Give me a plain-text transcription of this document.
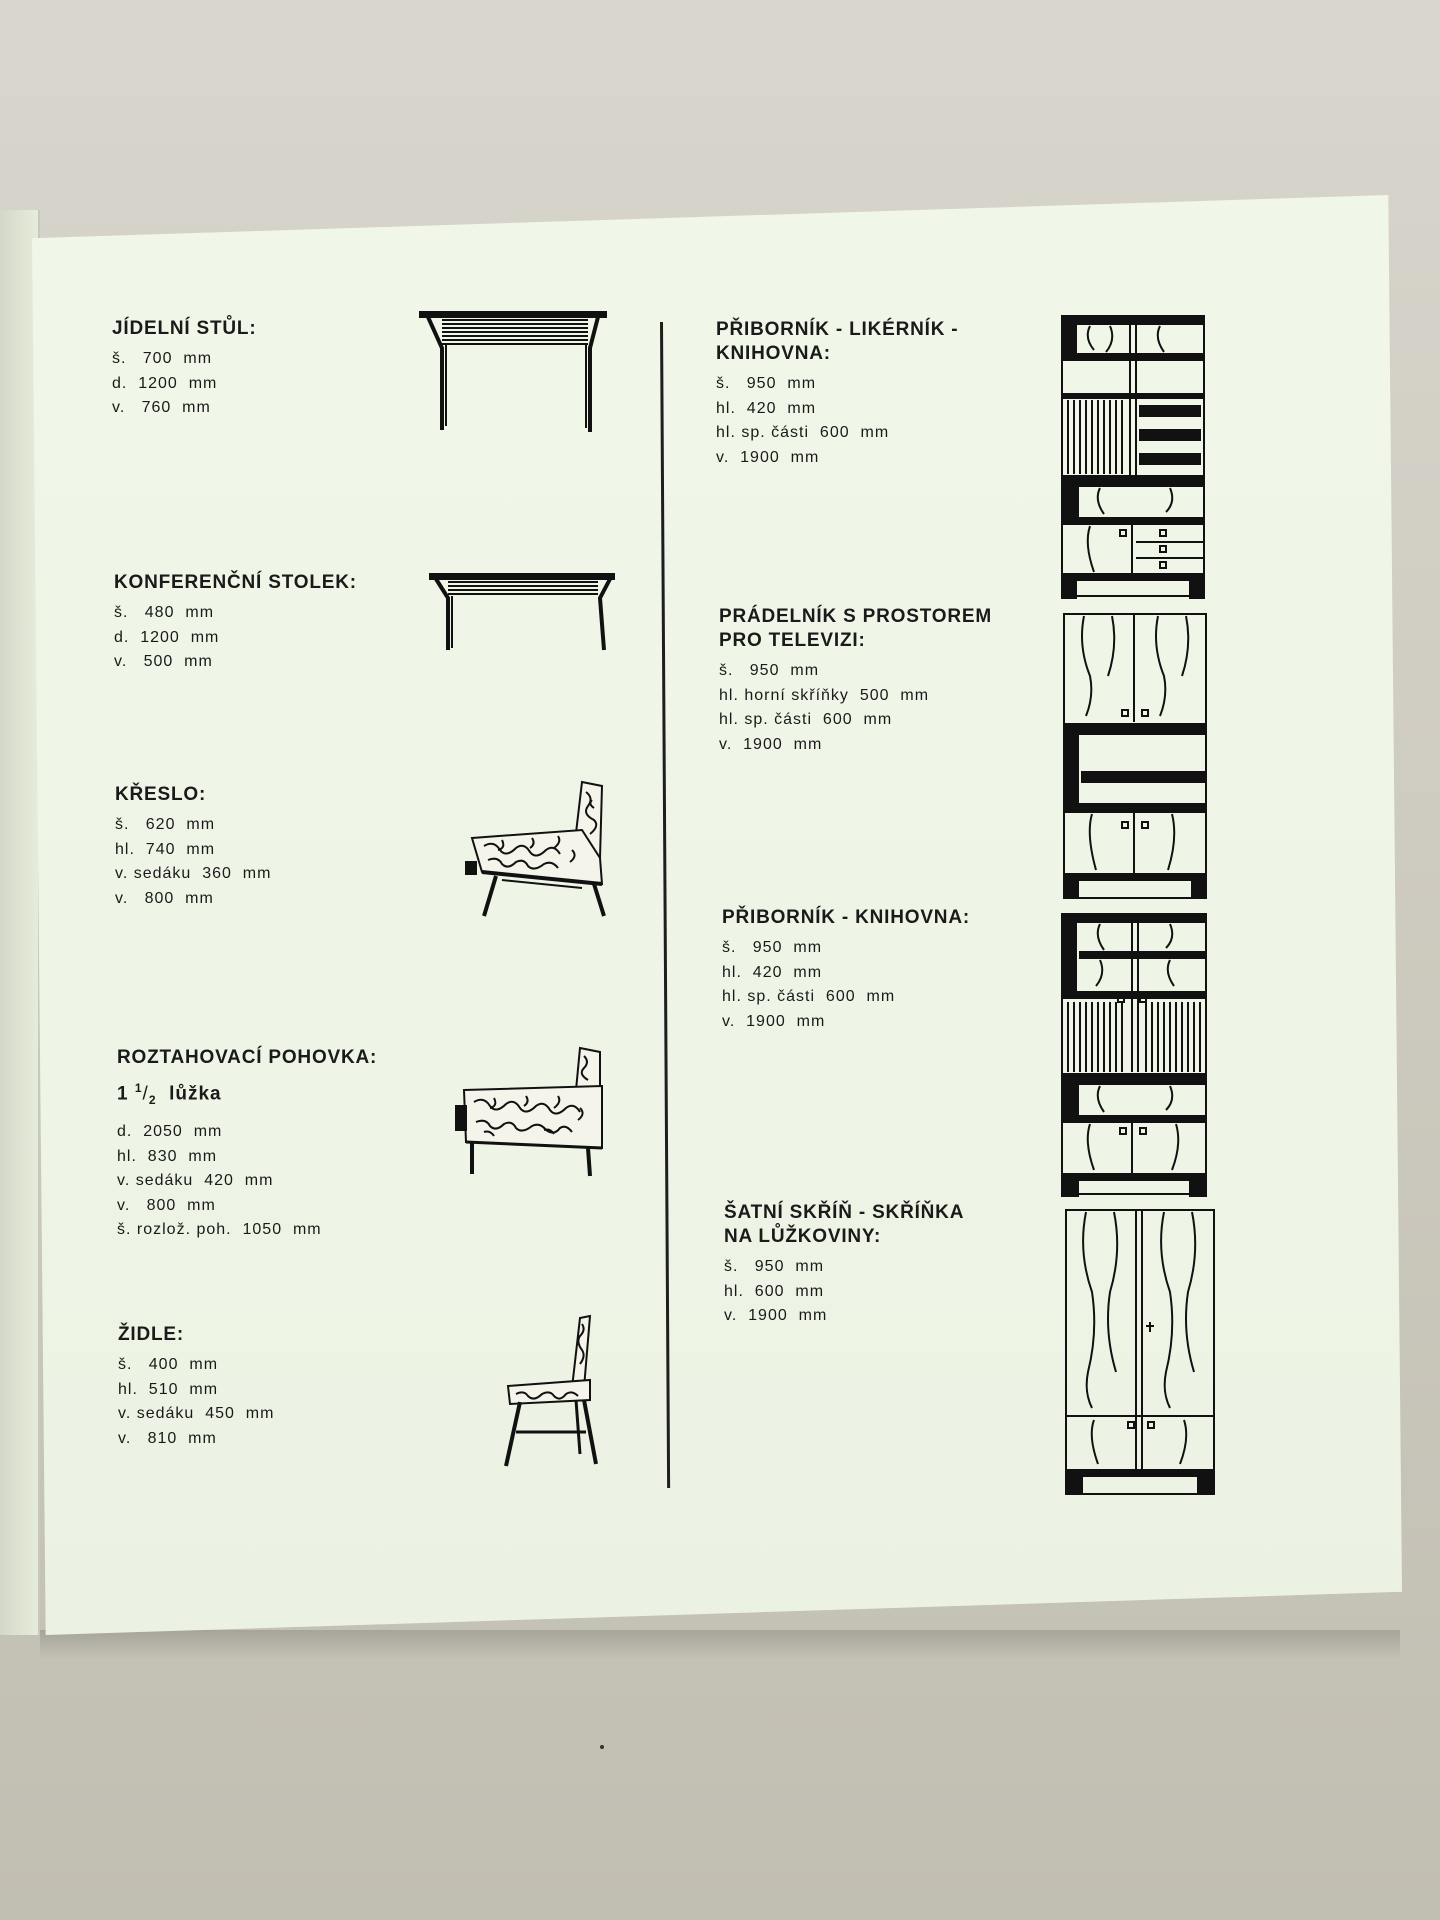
JÍDELNÍ STŮL:

š.   700  mm
d.  1200  mm
v.   760  mm

KONFERENČNÍ STOLEK:

š.   480  mm
d.  1200  mm
v.   500  mm

KŘESLO:

š.   620  mm
hl.  740  mm
v. sedáku  360  mm
v.   800  mm

ROZTAHOVACÍ POHOVKA:

1 $^1/_2$ lůžka

d.  2050  mm
hl.  830  mm
v. sedáku  420  mm
v.   800  mm
š. rozlož. poh.  1050  mm

ŽIDLE:

š.   400  mm
hl.  510  mm
v. sedáku  450  mm
v.   810  mm

PŘIBORNÍK - LIKÉRNÍK -

KNIHOVNA:

š.   950  mm
hl.  420  mm
hl. sp. části  600  mm
v.  1900  mm

PRÁDELNÍK S PROSTOREM

PRO TELEVIZI:

š.   950  mm
hl. horní skříňky  500  mm
hl. sp. části  600  mm
v.  1900  mm

PŘIBORNÍK - KNIHOVNA:

š.   950  mm
hl.  420  mm
hl. sp. části  600  mm
v.  1900  mm

ŠATNÍ SKŘÍŇ - SKŘÍŇKA

NA LŮŽKOVINY:

š.   950  mm
hl.  600  mm
v.  1900  mm
